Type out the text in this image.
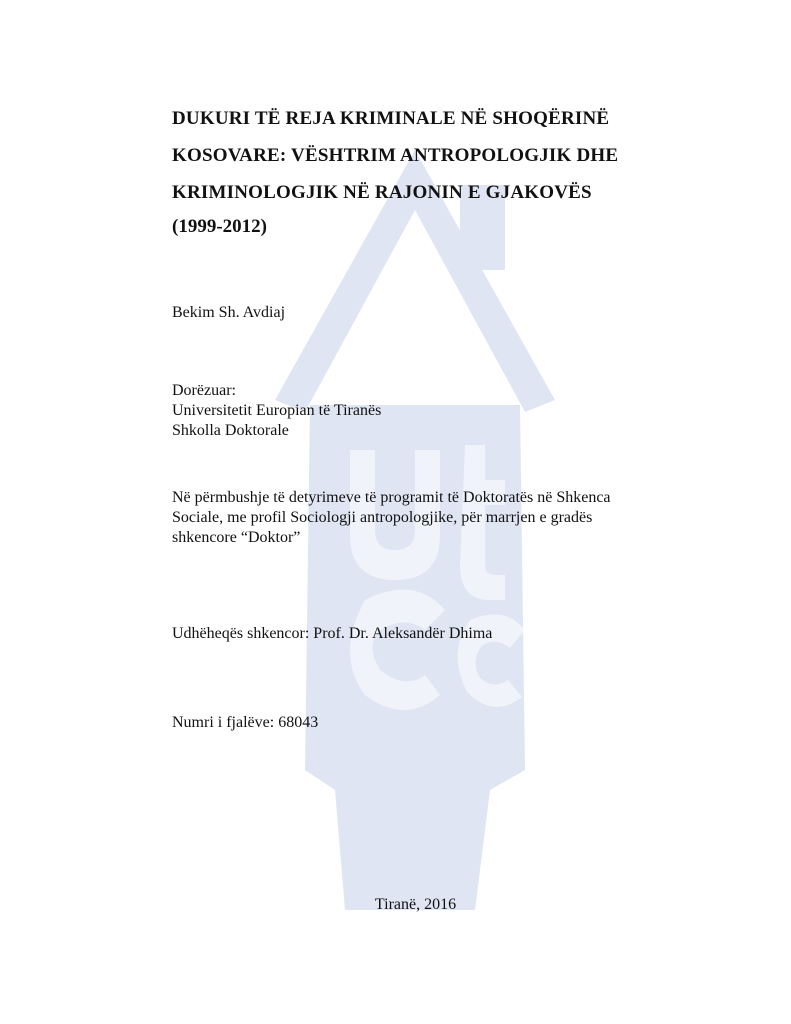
DUKURI TË REJA KRIMINALE NË SHOQËRINË
KOSOVARE: VËSHTRIM ANTROPOLOGJIK DHE
KRIMINOLOGJIK NË RAJONIN E GJAKOVËS

(1999-2012)

Bekim Sh. Avdiaj

Dorëzuar:
Universitetit Europian të Tiranës
Shkolla Doktorale

Në përmbushje të detyrimeve të programit të Doktoratës në Shkenca
Sociale, me profil Sociologji antropologjike, për marrjen e gradës
shkencore “Doktor”

Udhëheqës shkencor: Prof. Dr. Aleksandër Dhima

Numri i fjalëve: 68043

Tiranë, 2016
